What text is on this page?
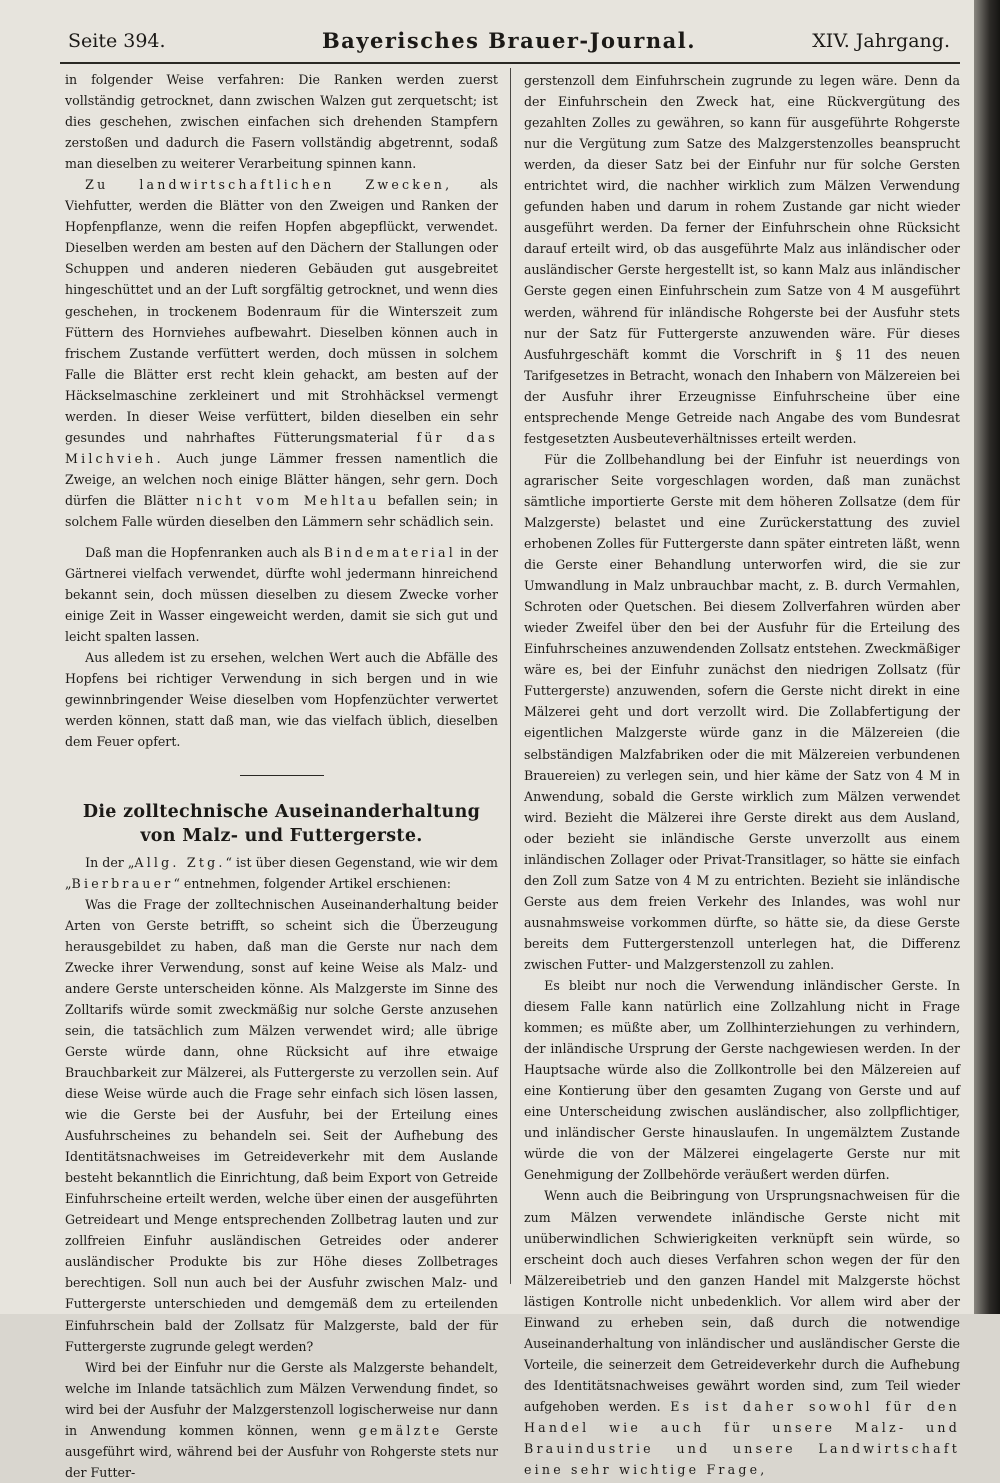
Seite 394.	Bayerisches Brauer-Journal.	XIV. Jahrgang.

in folgender Weise verfahren: Die Ranken werden zuerst vollständig getrocknet, dann zwischen Walzen gut zerquetscht; ist dies geschehen, zwischen einfachen sich drehenden Stampfern zerstoßen und dadurch die Fasern vollständig abgetrennt, sodaß man dieselben zu weiterer Verarbeitung spinnen kann.

Zu landwirtschaftlichen Zwecken, als Viehfutter, werden die Blätter von den Zweigen und Ranken der Hopfenpflanze, wenn die reifen Hopfen abgepflückt, verwendet. Dieselben werden am besten auf den Dächern der Stallungen oder Schuppen und anderen niederen Gebäuden gut ausgebreitet hingeschüttet und an der Luft sorgfältig getrocknet, und wenn dies geschehen, in trockenem Bodenraum für die Winterszeit zum Füttern des Hornviehes aufbewahrt. Dieselben können auch in frischem Zustande verfüttert werden, doch müssen in solchem Falle die Blätter erst recht klein gehackt, am besten auf der Häckselmaschine zerkleinert und mit Strohhäcksel vermengt werden. In dieser Weise verfüttert, bilden dieselben ein sehr gesundes und nahrhaftes Fütterungsmaterial für das Milchvieh. Auch junge Lämmer fressen namentlich die Zweige, an welchen noch einige Blätter hängen, sehr gern. Doch dürfen die Blätter nicht vom Mehltau befallen sein; in solchem Falle würden dieselben den Lämmern sehr schädlich sein.

Daß man die Hopfenranken auch als Bindematerial in der Gärtnerei vielfach verwendet, dürfte wohl jedermann hinreichend bekannt sein, doch müssen dieselben zu diesem Zwecke vorher einige Zeit in Wasser eingeweicht werden, damit sie sich gut und leicht spalten lassen.

Aus alledem ist zu ersehen, welchen Wert auch die Abfälle des Hopfens bei richtiger Verwendung in sich bergen und in wie gewinnbringender Weise dieselben vom Hopfenzüchter verwertet werden können, statt daß man, wie das vielfach üblich, dieselben dem Feuer opfert.

Die zolltechnische Auseinanderhaltung von Malz- und Futtergerste.

In der „Allg. Ztg.“ ist über diesen Gegenstand, wie wir dem „Bierbrauer“ entnehmen, folgender Artikel erschienen:

Was die Frage der zolltechnischen Auseinanderhaltung beider Arten von Gerste betrifft, so scheint sich die Überzeugung herausgebildet zu haben, daß man die Gerste nur nach dem Zwecke ihrer Verwendung, sonst auf keine Weise als Malz- und andere Gerste unterscheiden könne. Als Malzgerste im Sinne des Zolltarifs würde somit zweckmäßig nur solche Gerste anzusehen sein, die tatsächlich zum Mälzen verwendet wird; alle übrige Gerste würde dann, ohne Rücksicht auf ihre etwaige Brauchbarkeit zur Mälzerei, als Futtergerste zu verzollen sein. Auf diese Weise würde auch die Frage sehr einfach sich lösen lassen, wie die Gerste bei der Ausfuhr, bei der Erteilung eines Ausfuhrscheines zu behandeln sei. Seit der Aufhebung des Identitätsnachweises im Getreideverkehr mit dem Auslande besteht bekanntlich die Einrichtung, daß beim Export von Getreide Einfuhrscheine erteilt werden, welche über einen der ausgeführten Getreideart und Menge entsprechenden Zollbetrag lauten und zur zollfreien Einfuhr ausländischen Getreides oder anderer ausländischer Produkte bis zur Höhe dieses Zollbetrages berechtigen. Soll nun auch bei der Ausfuhr zwischen Malz- und Futtergerste unterschieden und demgemäß dem zu erteilenden Einfuhrschein bald der Zollsatz für Malzgerste, bald der für Futtergerste zugrunde gelegt werden?

Wird bei der Einfuhr nur die Gerste als Malzgerste behandelt, welche im Inlande tatsächlich zum Mälzen Verwendung findet, so wird bei der Ausfuhr der Malzgerstenzoll logischerweise nur dann in Anwendung kommen können, wenn gemälzte Gerste ausgeführt wird, während bei der Ausfuhr von Rohgerste stets nur der Futter-

gerstenzoll dem Einfuhrschein zugrunde zu legen wäre. Denn da der Einfuhrschein den Zweck hat, eine Rückvergütung des gezahlten Zolles zu gewähren, so kann für ausgeführte Rohgerste nur die Vergütung zum Satze des Malzgerstenzolles beansprucht werden, da dieser Satz bei der Einfuhr nur für solche Gersten entrichtet wird, die nachher wirklich zum Mälzen Verwendung gefunden haben und darum in rohem Zustande gar nicht wieder ausgeführt werden. Da ferner der Einfuhrschein ohne Rücksicht darauf erteilt wird, ob das ausgeführte Malz aus inländischer oder ausländischer Gerste hergestellt ist, so kann Malz aus inländischer Gerste gegen einen Einfuhrschein zum Satze von 4 M ausgeführt werden, während für inländische Rohgerste bei der Ausfuhr stets nur der Satz für Futtergerste anzuwenden wäre. Für dieses Ausfuhrgeschäft kommt die Vorschrift in § 11 des neuen Tarifgesetzes in Betracht, wonach den Inhabern von Mälzereien bei der Ausfuhr ihrer Erzeugnisse Einfuhrscheine über eine entsprechende Menge Getreide nach Angabe des vom Bundesrat festgesetzten Ausbeuteverhältnisses erteilt werden.

Für die Zollbehandlung bei der Einfuhr ist neuerdings von agrarischer Seite vorgeschlagen worden, daß man zunächst sämtliche importierte Gerste mit dem höheren Zollsatze (dem für Malzgerste) belastet und eine Zurückerstattung des zuviel erhobenen Zolles für Futtergerste dann später eintreten läßt, wenn die Gerste einer Behandlung unterworfen wird, die sie zur Umwandlung in Malz unbrauchbar macht, z. B. durch Vermahlen, Schroten oder Quetschen. Bei diesem Zollverfahren würden aber wieder Zweifel über den bei der Ausfuhr für die Erteilung des Einfuhrscheines anzuwendenden Zollsatz entstehen. Zweckmäßiger wäre es, bei der Einfuhr zunächst den niedrigen Zollsatz (für Futtergerste) anzuwenden, sofern die Gerste nicht direkt in eine Mälzerei geht und dort verzollt wird. Die Zollabfertigung der eigentlichen Malzgerste würde ganz in die Mälzereien (die selbständigen Malzfabriken oder die mit Mälzereien verbundenen Brauereien) zu verlegen sein, und hier käme der Satz von 4 M in Anwendung, sobald die Gerste wirklich zum Mälzen verwendet wird. Bezieht die Mälzerei ihre Gerste direkt aus dem Ausland, oder bezieht sie inländische Gerste unverzollt aus einem inländischen Zollager oder Privat-Transitlager, so hätte sie einfach den Zoll zum Satze von 4 M zu entrichten. Bezieht sie inländische Gerste aus dem freien Verkehr des Inlandes, was wohl nur ausnahmsweise vorkommen dürfte, so hätte sie, da diese Gerste bereits dem Futtergerstenzoll unterlegen hat, die Differenz zwischen Futter- und Malzgerstenzoll zu zahlen.

Es bleibt nur noch die Verwendung inländischer Gerste. In diesem Falle kann natürlich eine Zollzahlung nicht in Frage kommen; es müßte aber, um Zollhinterziehungen zu verhindern, der inländische Ursprung der Gerste nachgewiesen werden. In der Hauptsache würde also die Zollkontrolle bei den Mälzereien auf eine Kontierung über den gesamten Zugang von Gerste und auf eine Unterscheidung zwischen ausländischer, also zollpflichtiger, und inländischer Gerste hinauslaufen. In ungemälztem Zustande würde die von der Mälzerei eingelagerte Gerste nur mit Genehmigung der Zollbehörde veräußert werden dürfen.

Wenn auch die Beibringung von Ursprungsnachweisen für die zum Mälzen verwendete inländische Gerste nicht mit unüberwindlichen Schwierigkeiten verknüpft sein würde, so erscheint doch auch dieses Verfahren schon wegen der für den Mälzereibetrieb und den ganzen Handel mit Malzgerste höchst lästigen Kontrolle nicht unbedenklich. Vor allem wird aber der Einwand zu erheben sein, daß durch die notwendige Auseinanderhaltung von inländischer und ausländischer Gerste die Vorteile, die seinerzeit dem Getreideverkehr durch die Aufhebung des Identitätsnachweises gewährt worden sind, zum Teil wieder aufgehoben werden. Es ist daher sowohl für den Handel wie auch für unsere Malz- und Brauindustrie und unsere Landwirtschaft eine sehr wichtige Frage,
